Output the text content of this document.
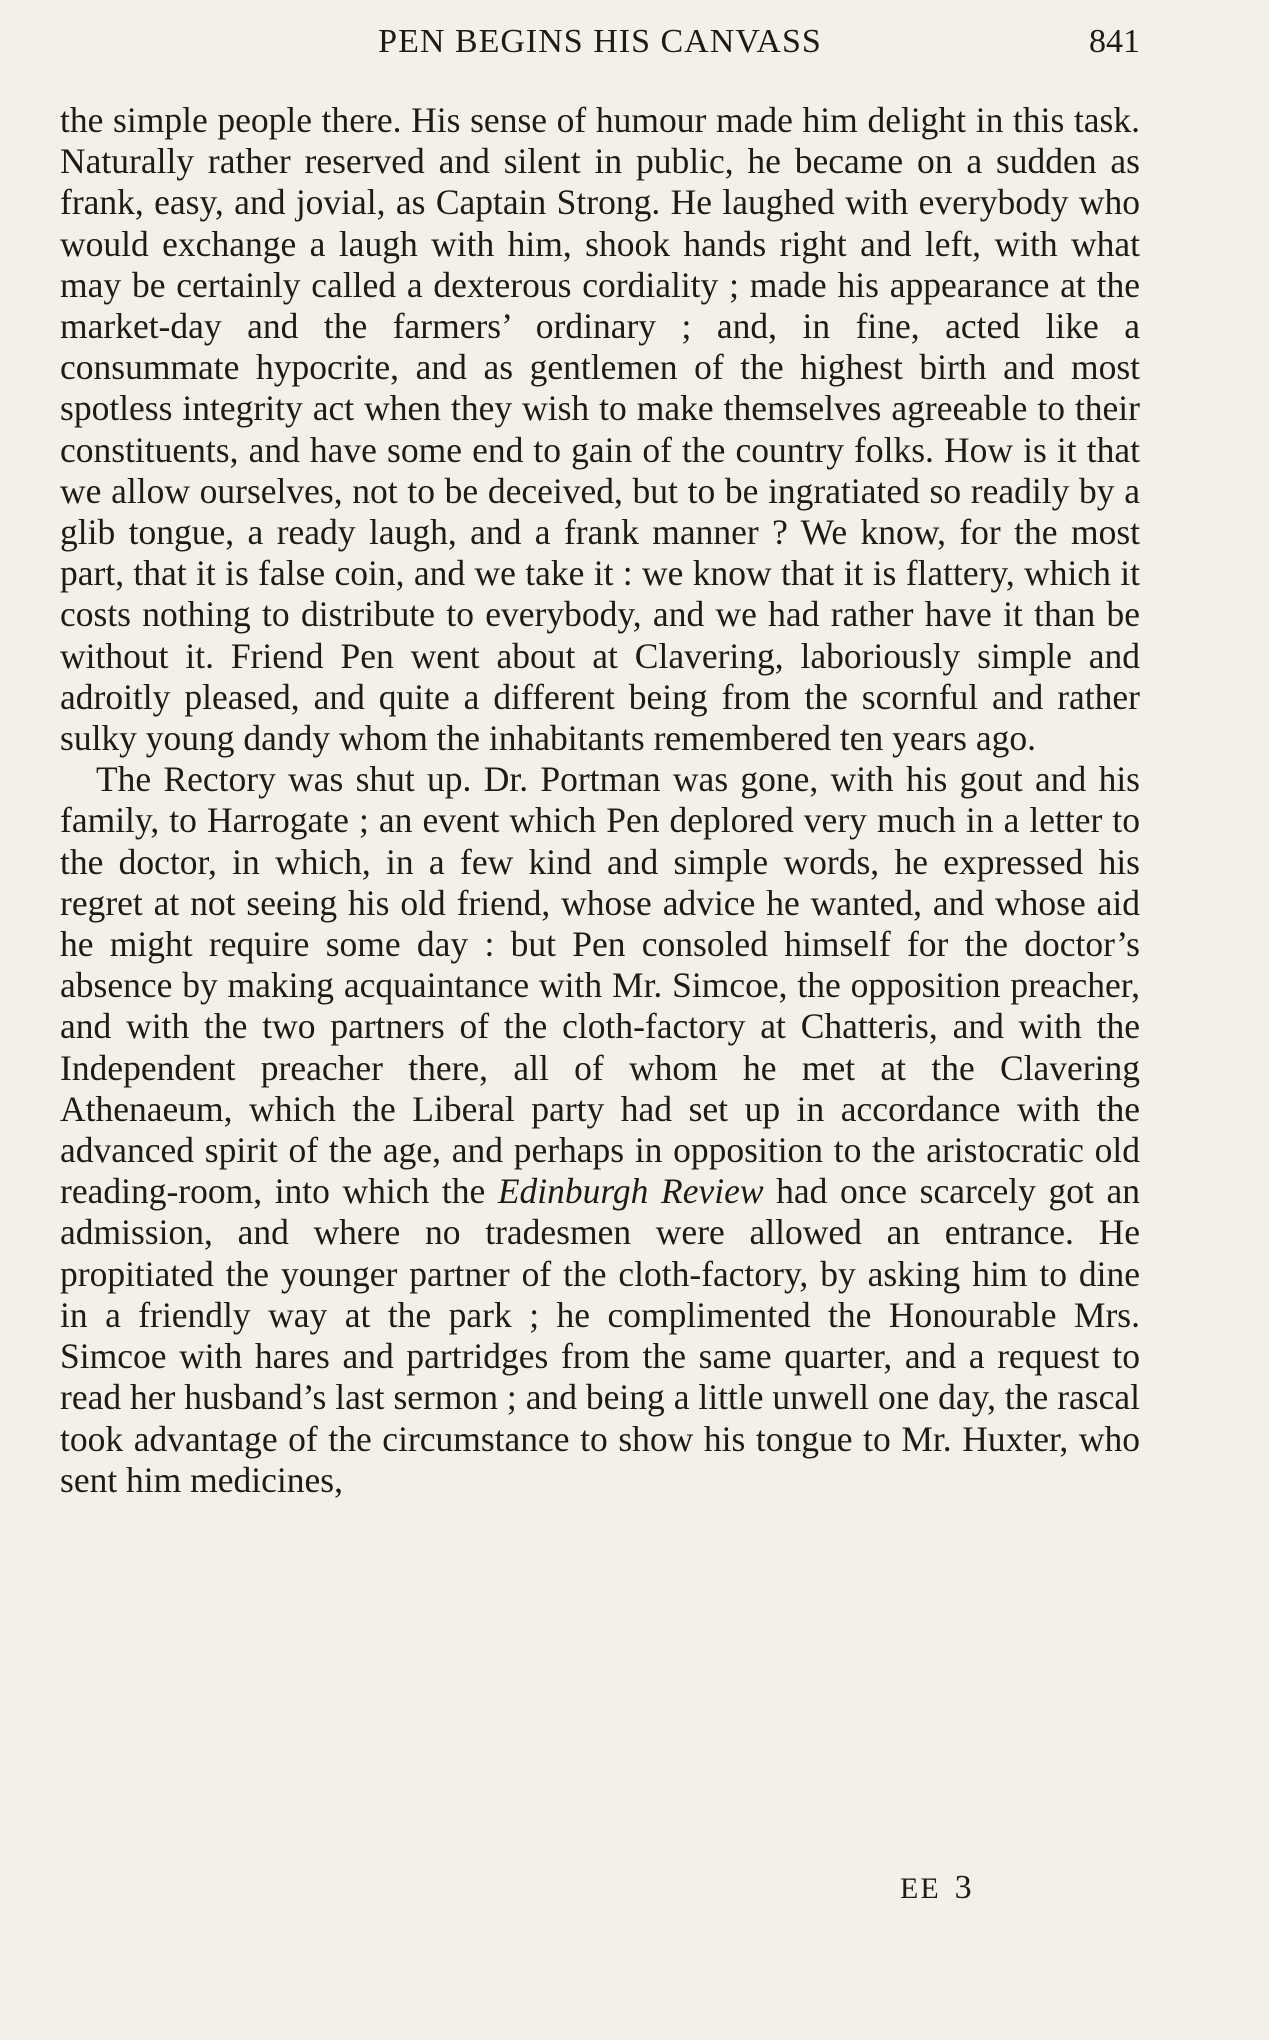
PEN BEGINS HIS CANVASS	841

the simple people there. His sense of humour made him delight in this task. Naturally rather reserved and silent in public, he became on a sudden as frank, easy, and jovial, as Captain Strong. He laughed with everybody who would exchange a laugh with him, shook hands right and left, with what may be certainly called a dexterous cordiality ; made his appearance at the market-day and the farmers’ ordinary ; and, in fine, acted like a consummate hypocrite, and as gentlemen of the highest birth and most spotless integrity act when they wish to make themselves agreeable to their constituents, and have some end to gain of the country folks. How is it that we allow ourselves, not to be deceived, but to be ingratiated so readily by a glib tongue, a ready laugh, and a frank manner ? We know, for the most part, that it is false coin, and we take it : we know that it is flattery, which it costs nothing to distribute to everybody, and we had rather have it than be without it. Friend Pen went about at Clavering, laboriously simple and adroitly pleased, and quite a different being from the scornful and rather sulky young dandy whom the inhabitants remembered ten years ago.

The Rectory was shut up. Dr. Portman was gone, with his gout and his family, to Harrogate ; an event which Pen deplored very much in a letter to the doctor, in which, in a few kind and simple words, he expressed his regret at not seeing his old friend, whose advice he wanted, and whose aid he might require some day : but Pen consoled himself for the doctor’s absence by making acquaintance with Mr. Simcoe, the opposition preacher, and with the two partners of the cloth-factory at Chatteris, and with the Independent preacher there, all of whom he met at the Clavering Athenaeum, which the Liberal party had set up in accordance with the advanced spirit of the age, and perhaps in opposition to the aristocratic old reading-room, into which the Edinburgh Review had once scarcely got an admission, and where no tradesmen were allowed an entrance. He propitiated the younger partner of the cloth-factory, by asking him to dine in a friendly way at the park ; he complimented the Honourable Mrs. Simcoe with hares and partridges from the same quarter, and a request to read her husband’s last sermon ; and being a little unwell one day, the rascal took advantage of the circumstance to show his tongue to Mr. Huxter, who sent him medicines,

EE 3
